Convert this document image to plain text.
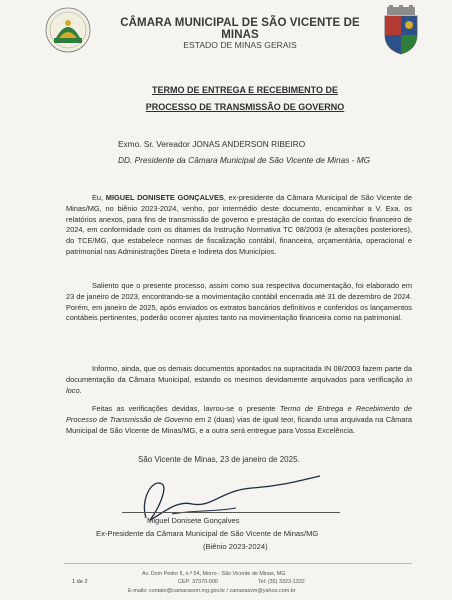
CÂMARA MUNICIPAL DE SÃO VICENTE DE MINAS
ESTADO DE MINAS GERAIS
TERMO DE ENTREGA E RECEBIMENTO DE
PROCESSO DE TRANSMISSÃO DE GOVERNO
Exmo. Sr. Vereador JONAS ANDERSON RIBEIRO
DD. Presidente da Câmara Municipal de São Vicente de Minas - MG

Eu, MIGUEL DONISETE GONÇALVES, ex-presidente da Câmara Municipal de São Vicente de Minas/MG, no biênio 2023-2024, venho, por intermédio deste documento, encaminhar a V. Exa. os relatórios anexos, para fins de transmissão de governo e prestação de contas do exercício financeiro de 2024, em conformidade com os ditames da Instrução Normativa TC 08/2003 (e alterações posteriores), do TCE/MG, que estabelece normas de fiscalização contábil, financeira, orçamentária, operacional e patrimonial nas Administrações Direta e Indireta dos Municípios.

Saliento que o presente processo, assim como sua respectiva documentação, foi elaborado em 23 de janeiro de 2023, encontrando-se a movimentação contábil encerrada até 31 de dezembro de 2024. Porém, em janeiro de 2025, após enviados os extratos bancários definitivos e conferidos os lançamentos contábeis pertinentes, poderão ocorrer ajustes tanto na movimentação financeira como na patrimonial.

Informo, ainda, que os demais documentos apontados na supracitada IN 08/2003 fazem parte da documentação da Câmara Municipal, estando os mesmos devidamente arquivados para verificação in loco.

Feitas as verificações devidas, lavrou-se o presente Termo de Entrega e Recebimento de Processo de Transmissão de Governo em 2 (duas) vias de igual teor, ficando uma arquivada na Câmara Municipal de São Vicente de Minas/MG, e a outra será entregue para Vossa Excelência.

São Vicente de Minas, 23 de janeiro de 2025.
Miguel Donisete Gonçalves
Ex-Presidente da Câmara Municipal de São Vicente de Minas/MG
(Biênio 2023-2024)
1 de 2
Av. Dom Pedro II, n.º 54, Morro - São Vicente de Minas, MG
CEP: 37370-000	Tel: (35) 3323-1332
E-mails: contato@camarasvm.mg.gov.br / camarasvm@yahoo.com.br
